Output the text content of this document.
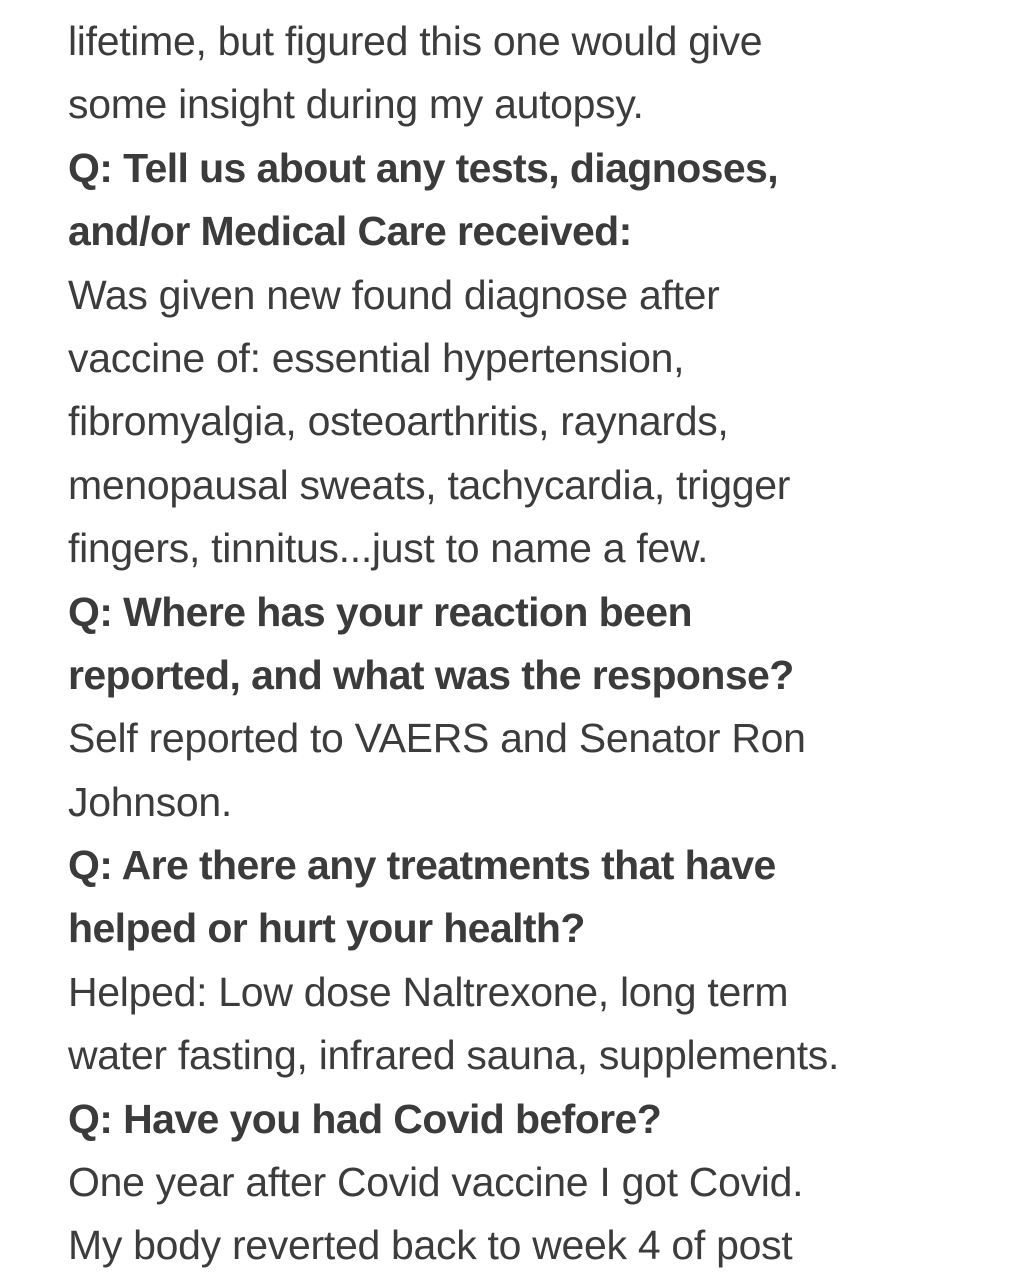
lifetime, but figured this one would give
some insight during my autopsy.
Q: Tell us about any tests, diagnoses,
and/or Medical Care received:
Was given new found diagnose after
vaccine of: essential hypertension,
fibromyalgia, osteoarthritis, raynards,
menopausal sweats, tachycardia, trigger
fingers, tinnitus...just to name a few.
Q: Where has your reaction been
reported, and what was the response?
Self reported to VAERS and Senator Ron
Johnson.
Q: Are there any treatments that have
helped or hurt your health?
Helped: Low dose Naltrexone, long term
water fasting, infrared sauna, supplements.
Q: Have you had Covid before?
One year after Covid vaccine I got Covid.
My body reverted back to week 4 of post
